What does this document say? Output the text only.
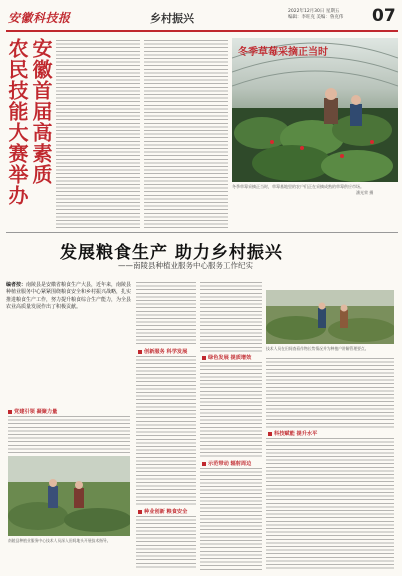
安徽科技报	乡村振兴
2022年12月30日 星期五
编辑：李旺克 美编：鲁克伟	07
农民技能大赛举办 安徽首届高素质	冬季草莓采摘正当时
冬季草莓采摘正当时，草莓基地里的农户们正在采摘成熟的草莓供应市场。
潘光荣 摄
发展粮食生产 助力乡村振兴
——南陵县种植业服务中心服务工作纪实
编者按：南陵县是安徽省粮食生产大县，近年来，南陵县种植业服务中心紧紧围绕粮食安全和乡村振兴战略，扎实推进粮食生产工作，努力提升粮食综合生产能力，为全县农业高质量发展作出了积极贡献。
党建引领 凝聚力量
南陵县种植业服务中心技术人员深入田间地头开展技术指导。
创新服务 科学发展
种业创新 粮食安全
绿色发展 提质增效
示范带动 辐射周边
技术人员在田间查看作物长势情况并为种植户讲解管理要点。
科技赋能 提升水平
